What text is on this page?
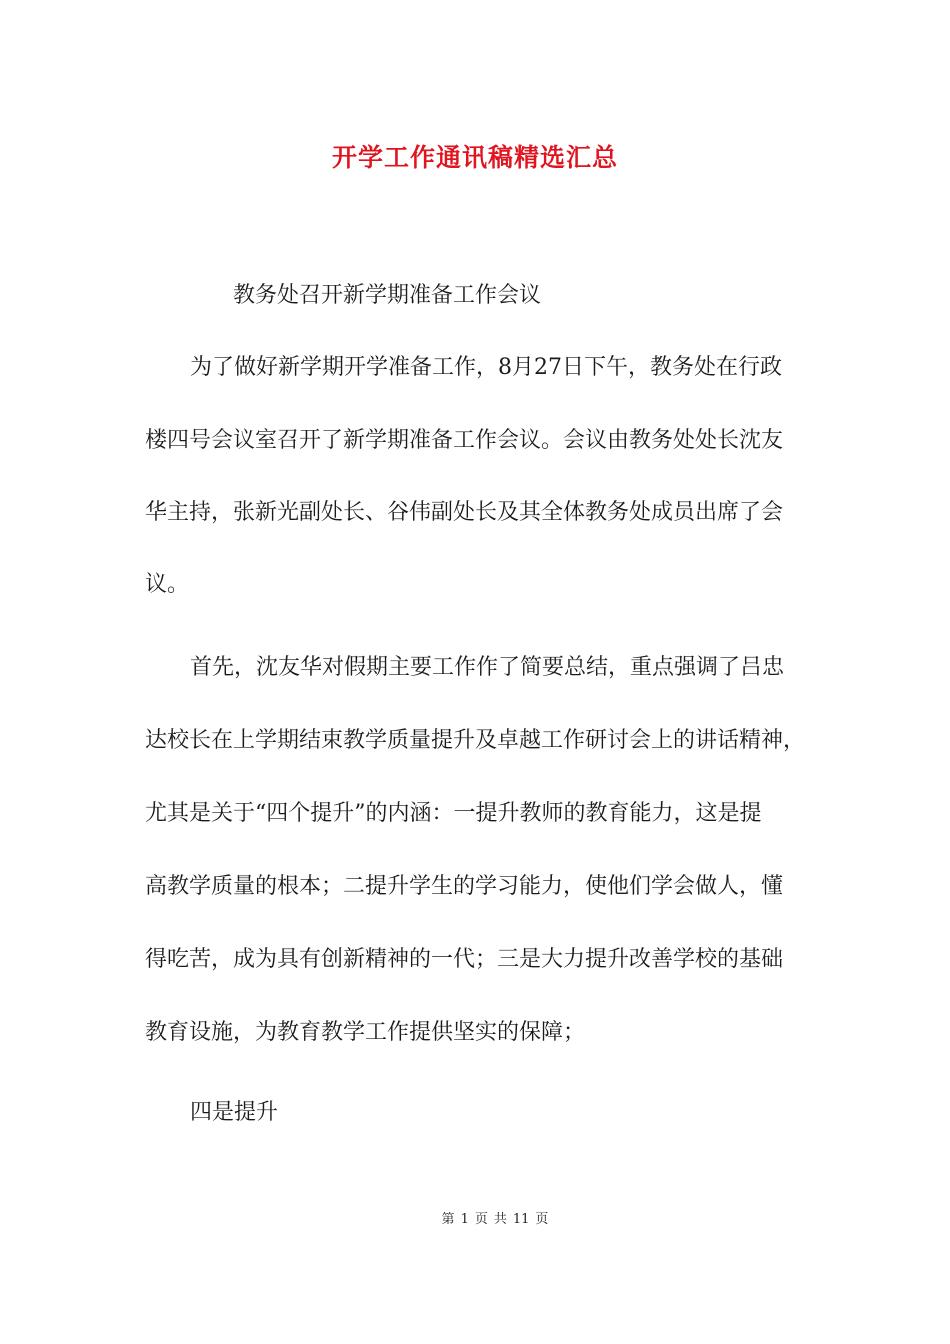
开学工作通讯稿精选汇总
教务处召开新学期准备工作会议
为了做好新学期开学准备工作，8月27日下午，教务处在行政
楼四号会议室召开了新学期准备工作会议。会议由教务处处长沈友
华主持，张新光副处长、谷伟副处长及其全体教务处成员出席了会
议。
首先，沈友华对假期主要工作作了简要总结，重点强调了吕忠
达校长在上学期结束教学质量提升及卓越工作研讨会上的讲话精神，
尤其是关于“四个提升”的内涵：一提升教师的教育能力，这是提
高教学质量的根本；二提升学生的学习能力，使他们学会做人，懂
得吃苦，成为具有创新精神的一代；三是大力提升改善学校的基础
教育设施，为教育教学工作提供坚实的保障；
四是提升
第 1 页 共 11 页
